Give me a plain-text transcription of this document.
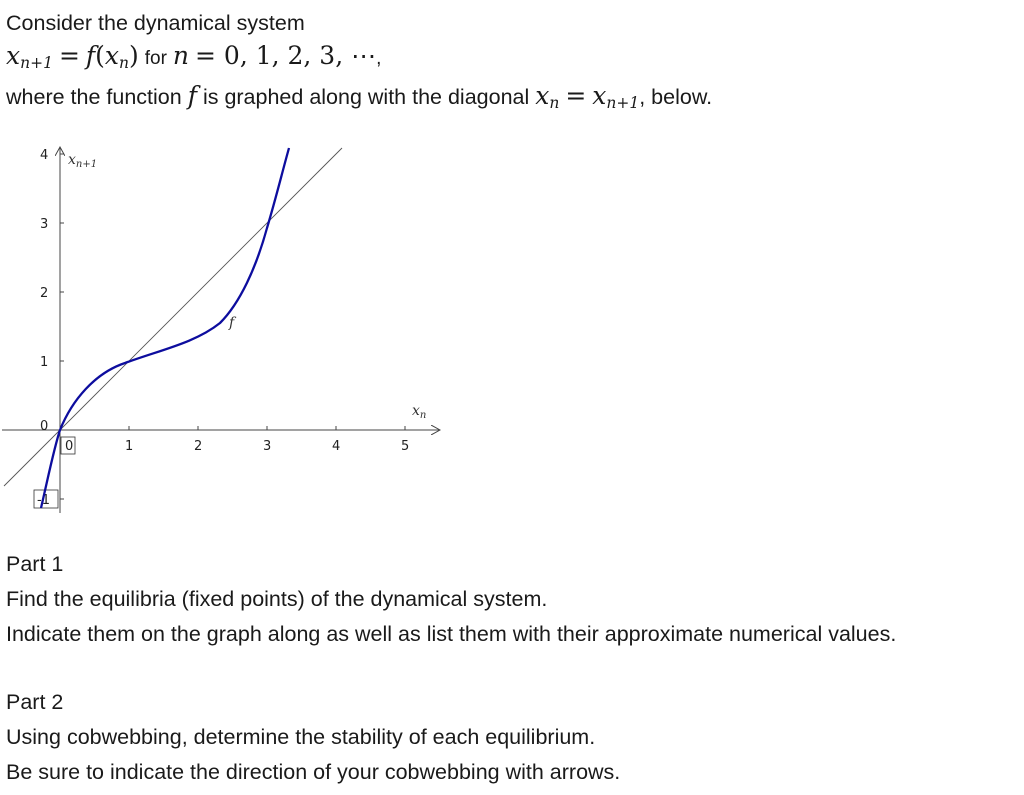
Consider the dynamical system
$x_{n+1} = f(x_n)$ for n = 0, 1, 2, 3, ⋯,
where the function f is graphed along with the diagonal $x_n = x_{n+1}$, below.
0	1	2	3	4	5
4
3
2
1
0
-1
$x_{n+1}$
$x_n$
f
Part 1
Find the equilibria (fixed points) of the dynamical system.
Indicate them on the graph along as well as list them with their approximate numerical values.
Part 2
Using cobwebbing, determine the stability of each equilibrium.
Be sure to indicate the direction of your cobwebbing with arrows.
